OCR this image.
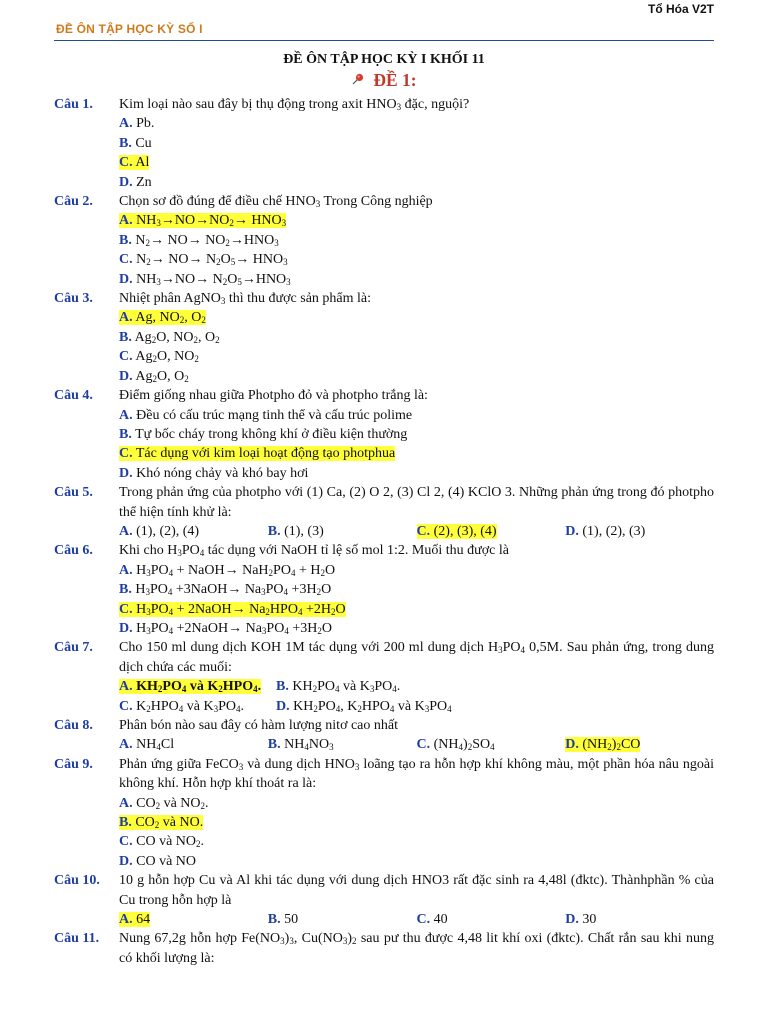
ĐỀ ÔN TẬP HỌC KỲ SỐ I
Tổ Hóa V2T
ĐỀ ÔN TẬP HỌC KỲ I KHỐI 11
ĐỀ 1:
Câu 1. Kim loại nào sau đây bị thụ động trong axit $HNO_3$ đặc, nguội?
A. Pb.
B. Cu
C. Al
D. Zn
Câu 2. Chọn sơ đồ đúng để điều chế $HNO_3$ Trong Công nghiệp
A. $NH_3\to NO\to NO_2\to HNO_3$
B. $N_2\to NO\to NO_2\to HNO_3$
C. $N_2\to NO\to N_2O_5\to HNO_3$
D. $NH_3\to NO\to N_2O_5\to HNO_3$
Câu 3. Nhiệt phân AgNO$_3$ thì thu được sản phẩm là:
A. Ag, $NO_2$, $O_2$
B. $Ag_2O$, $NO_2$, $O_2$
C. $Ag_2O$, $NO_2$
D. $Ag_2O$, $O_2$
Câu 4. Điểm giống nhau giữa Photpho đỏ và photpho trắng là:
A. Đều có cấu trúc mạng tinh thể và cấu trúc polime
B. Tự bốc cháy trong không khí ở điều kiện thường
C. Tác dụng với kim loại hoạt động tạo photphua
D. Khó nóng chảy và khó bay hơi
Câu 5. Trong phản ứng của photpho với (1) Ca, (2) O 2, (3) Cl 2, (4) KClO 3. Những phản ứng trong đó photpho thể hiện tính khử là:
A. (1), (2), (4)	B. (1), (3)	C. (2), (3), (4)	D. (1), (2), (3)
Câu 6. Khi cho $H_3PO_4$ tác dụng với NaOH tỉ lệ số mol 1:2. Muối thu được là
A. $H_3PO_4$ + NaOH→ $NaH_2PO_4 + H_2O$
B. $H_3PO_4$ +3NaOH→ $Na_3PO_4 +3H_2O$
C. $H_3PO_4$ + 2NaOH→ $Na_2HPO_4 +2H_2O$
D. $H_3PO_4$ +2NaOH→ $Na_3PO_4 +3H_2O$
Câu 7. Cho 150 ml dung dịch KOH 1M tác dụng với 200 ml dung dịch $H_3PO_4$ 0,5M. Sau phản ứng, trong dung dịch chứa các muối:
A. $KH_2PO_4$ và $K_2HPO_4$.	B. $KH_2PO_4$ và $K_3PO_4$.
C. $K_2HPO_4$ và $K_3PO_4$.	D. $KH_2PO_4$, $K_2HPO_4$ và $K_3PO_4$
Câu 8. Phân bón nào sau đây có hàm lượng nitơ cao nhất
A. $NH_4Cl$	B. $NH_4NO_3$	C. $(NH_4)_2SO_4$	D. $(NH_2)_2CO$
Câu 9. Phản ứng giữa FeCO$_3$ và dung dịch $HNO_3$ loãng tạo ra hỗn hợp khí không màu, một phần hóa nâu ngoài không khí. Hỗn hợp khí thoát ra là:
A. $CO_2$ và $NO_2$.
B. $CO_2$ và NO.
C. CO và $NO_2$.
D. CO và NO
Câu 10. 10 g hỗn hợp Cu và Al khi tác dụng với dung dịch HNO3 rất đặc sinh ra 4,48l (đktc). Thànhphần % của Cu trong hỗn hợp là
A. 64	B. 50	C. 40	D. 30
Câu 11. Nung 67,2g hỗn hợp $Fe(NO_3)_3$, $Cu(NO_3)_2$ sau pư thu được 4,48 lit khí oxi (đktc). Chất rắn sau khi nung có khối lượng là:
